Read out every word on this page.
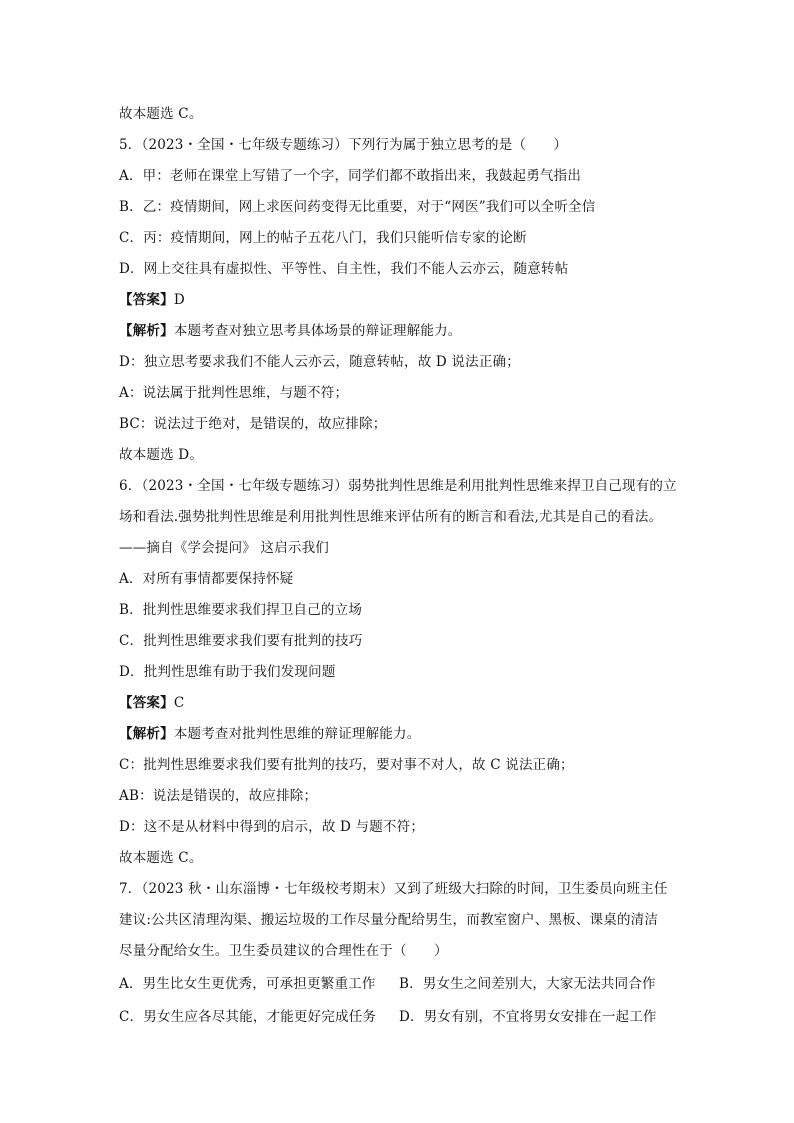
故本题选 C。
5．（2023・全国・七年级专题练习）下列行为属于独立思考的是（　　）
A．甲：老师在课堂上写错了一个字，同学们都不敢指出来，我鼓起勇气指出
B．乙：疫情期间，网上求医问药变得无比重要，对于“网医”我们可以全听全信
C．丙：疫情期间，网上的帖子五花八门，我们只能听信专家的论断
D．网上交往具有虚拟性、平等性、自主性，我们不能人云亦云，随意转帖
【答案】D
【解析】本题考查对独立思考具体场景的辩证理解能力。
D：独立思考要求我们不能人云亦云，随意转帖，故 D 说法正确；
A：说法属于批判性思维，与题不符；
BC：说法过于绝对，是错误的，故应排除；
故本题选 D。
6．（2023・全国・七年级专题练习）弱势批判性思维是利用批判性思维来捍卫自己现有的立
场和看法.强势批判性思维是利用批判性思维来评估所有的断言和看法,尤其是自己的看法。
——摘自《学会提问》 这启示我们
A．对所有事情都要保持怀疑
B．批判性思维要求我们捍卫自己的立场
C．批判性思维要求我们要有批判的技巧
D．批判性思维有助于我们发现问题
【答案】C
【解析】本题考查对批判性思维的辩证理解能力。
C：批判性思维要求我们要有批判的技巧，要对事不对人，故 C 说法正确；
AB：说法是错误的，故应排除；
D：这不是从材料中得到的启示，故 D 与题不符；
故本题选 C。
7．（2023 秋・山东淄博・七年级校考期末）又到了班级大扫除的时间，卫生委员向班主任
建议:公共区清理沟渠、搬运垃圾的工作尽量分配给男生，而教室窗户、黑板、课桌的清洁
尽量分配给女生。卫生委员建议的合理性在于（　　）
A．男生比女生更优秀，可承担更繁重工作 B．男女生之间差别大，大家无法共同合作
C．男女生应各尽其能，才能更好完成任务 D．男女有别，不宜将男女安排在一起工作
